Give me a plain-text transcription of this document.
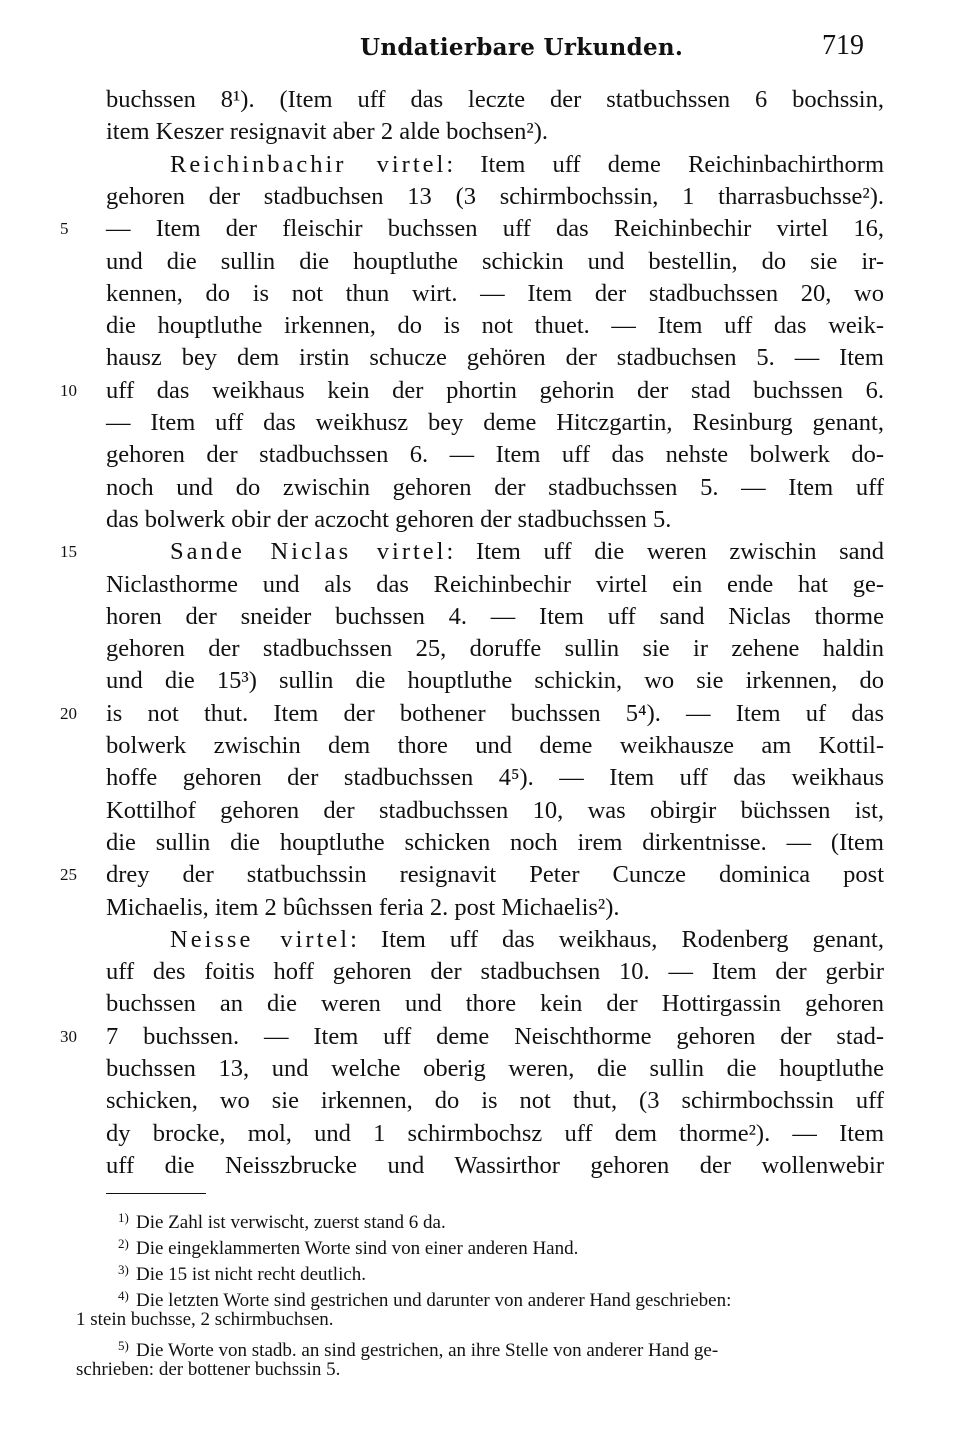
Undatierbare Urkunden.	719
buchssen 8¹). (Item uff das leczte der statbuchssen 6 bochssin,
item Keszer resignavit aber 2 alde bochsen²).
Reichinbachir virtel: Item uff deme Reichinbachirthorm
gehoren der stadbuchsen 13 (3 schirmbochssin, 1 tharrasbuchsse²).
— Item der fleischir buchssen uff das Reichinbechir virtel 16,
und die sullin die houptluthe schickin und bestellin, do sie ir-
kennen, do is not thun wirt. — Item der stadbuchssen 20, wo
die houptluthe irkennen, do is not thuet. — Item uff das weik-
hausz bey dem irstin schucze gehören der stadbuchsen 5. — Item
uff das weikhaus kein der phortin gehorin der stad buchssen 6.
— Item uff das weikhusz bey deme Hitczgartin, Resinburg genant,
gehoren der stadbuchssen 6. — Item uff das nehste bolwerk do-
noch und do zwischin gehoren der stadbuchssen 5. — Item uff
das bolwerk obir der aczocht gehoren der stadbuchssen 5.
Sande Niclas virtel: Item uff die weren zwischin sand
Niclasthorme und als das Reichinbechir virtel ein ende hat ge-
horen der sneider buchssen 4. — Item uff sand Niclas thorme
gehoren der stadbuchssen 25, doruffe sullin sie ir zehene haldin
und die 15³) sullin die houptluthe schickin, wo sie irkennen, do
is not thut. Item der bothener buchssen 5⁴). — Item uf das
bolwerk zwischin dem thore und deme weikhausze am Kottil-
hoffe gehoren der stadbuchssen 4⁵). — Item uff das weikhaus
Kottilhof gehoren der stadbuchssen 10, was obirgir büchssen ist,
die sullin die houptluthe schicken noch irem dirkentnisse. — (Item
drey der statbuchssin resignavit Peter Cuncze dominica post
Michaelis, item 2 bûchssen feria 2. post Michaelis²).
Neisse virtel: Item uff das weikhaus, Rodenberg genant,
uff des foitis hoff gehoren der stadbuchsen 10. — Item der gerbir
buchssen an die weren und thore kein der Hottirgassin gehoren
7 buchssen. — Item uff deme Neischthorme gehoren der stad-
buchssen 13, und welche oberig weren, die sullin die houptluthe
schicken, wo sie irkennen, do is not thut, (3 schirmbochssin uff
dy brocke, mol, und 1 schirmbochsz uff dem thorme²). — Item
uff die Neisszbrucke und Wassirthor gehoren der wollenwebir
5
10
15
20
25
30
1) Die Zahl ist verwischt, zuerst stand 6 da.
2) Die eingeklammerten Worte sind von einer anderen Hand.
3) Die 15 ist nicht recht deutlich.
4) Die letzten Worte sind gestrichen und darunter von anderer Hand geschrieben:
1 stein buchsse, 2 schirmbuchsen.
5) Die Worte von stadb. an sind gestrichen, an ihre Stelle von anderer Hand ge-
schrieben: der bottener buchssin 5.
